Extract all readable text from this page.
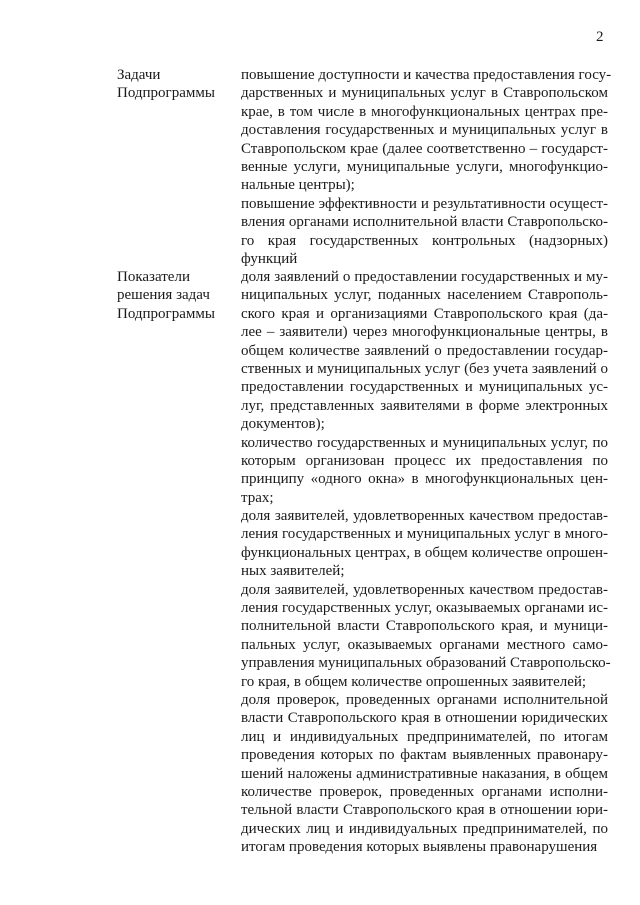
2
Задачи
Подпрограммы
повышение доступности и качества предоставления госу-
дарственных и муниципальных услуг в Ставропольском
крае, в том числе в многофункциональных центрах пре-
доставления государственных и муниципальных услуг в
Ставропольском крае (далее соответственно – государст-
венные услуги, муниципальные услуги, многофункцио-
нальные центры);
повышение эффективности и результативности осущест-
вления органами исполнительной власти Ставропольско-
го края государственных контрольных (надзорных)
функций
Показатели
решения задач
Подпрограммы
доля заявлений о предоставлении государственных и му-
ниципальных услуг, поданных населением Ставрополь-
ского края и организациями Ставропольского края (да-
лее – заявители) через многофункциональные центры, в
общем количестве заявлений о предоставлении государ-
ственных и муниципальных услуг (без учета заявлений о
предоставлении государственных и муниципальных ус-
луг, представленных заявителями в форме электронных
документов);
количество государственных и муниципальных услуг, по
которым организован процесс их предоставления по
принципу «одного окна» в многофункциональных цен-
трах;
доля заявителей, удовлетворенных качеством предостав-
ления государственных и муниципальных услуг в много-
функциональных центрах, в общем количестве опрошен-
ных заявителей;
доля заявителей, удовлетворенных качеством предостав-
ления государственных услуг, оказываемых органами ис-
полнительной власти Ставропольского края, и муници-
пальных услуг, оказываемых органами местного само-
управления муниципальных образований Ставропольско-
го края, в общем количестве опрошенных заявителей;
доля проверок, проведенных органами исполнительной
власти Ставропольского края в отношении юридических
лиц и индивидуальных предпринимателей, по итогам
проведения которых по фактам выявленных правонару-
шений наложены административные наказания, в общем
количестве проверок, проведенных органами исполни-
тельной власти Ставропольского края в отношении юри-
дических лиц и индивидуальных предпринимателей, по
итогам проведения которых выявлены правонарушения
